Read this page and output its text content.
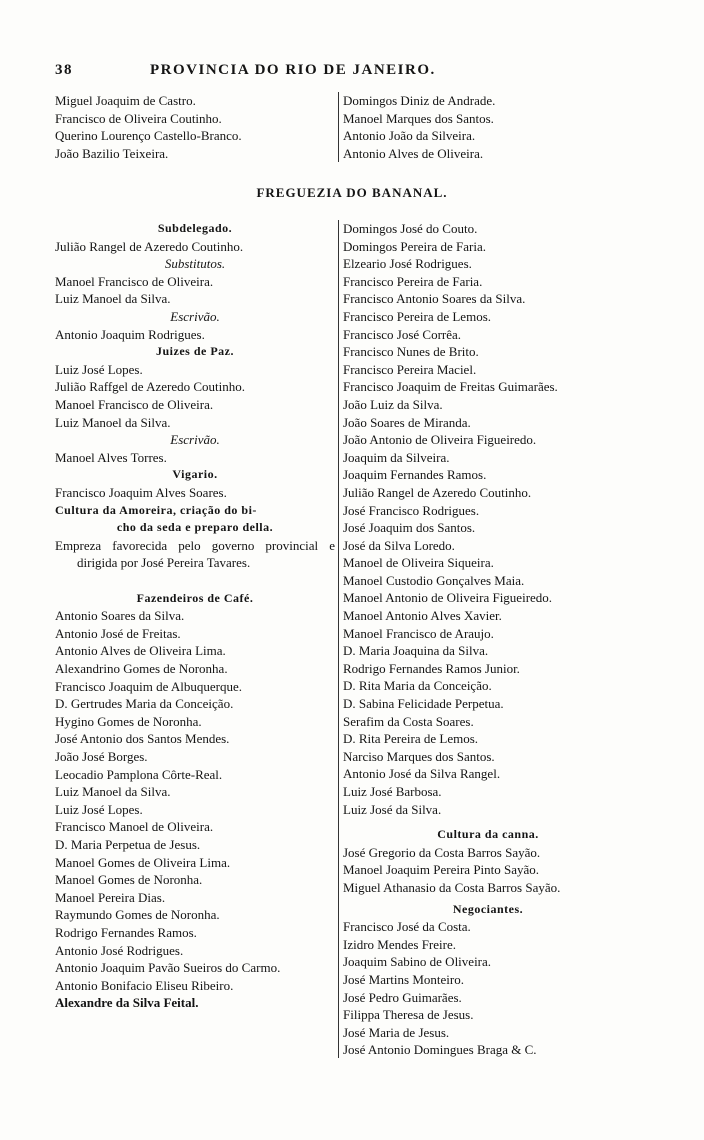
38	PROVINCIA DO RIO DE JANEIRO.
Miguel Joaquim de Castro.
Francisco de Oliveira Coutinho.
Querino Lourenço Castello-Branco.
João Bazilio Teixeira.
Domingos Diniz de Andrade.
Manoel Marques dos Santos.
Antonio João da Silveira.
Antonio Alves de Oliveira.
FREGUEZIA DO BANANAL.
Subdelegado.
Julião Rangel de Azeredo Coutinho.
Substitutos.
Manoel Francisco de Oliveira.
Luiz Manoel da Silva.
Escrivão.
Antonio Joaquim Rodrigues.
Juizes de Paz.
Luiz José Lopes.
Julião Raffgel de Azeredo Coutinho.
Manoel Francisco de Oliveira.
Luiz Manoel da Silva.
Escrivão.
Manoel Alves Torres.
Vigario.
Francisco Joaquim Alves Soares.
Cultura da Amoreira, criação do bi-
cho da seda e preparo della.
Empreza favorecida pelo governo provincial e dirigida por José Pereira Tavares.
Fazendeiros de Café.
Antonio Soares da Silva.
Antonio José de Freitas.
Antonio Alves de Oliveira Lima.
Alexandrino Gomes de Noronha.
Francisco Joaquim de Albuquerque.
D. Gertrudes Maria da Conceição.
Hygino Gomes de Noronha.
José Antonio dos Santos Mendes.
João José Borges.
Leocadio Pamplona Côrte-Real.
Luiz Manoel da Silva.
Luiz José Lopes.
Francisco Manoel de Oliveira.
D. Maria Perpetua de Jesus.
Manoel Gomes de Oliveira Lima.
Manoel Gomes de Noronha.
Manoel Pereira Dias.
Raymundo Gomes de Noronha.
Rodrigo Fernandes Ramos.
Antonio José Rodrigues.
Antonio Joaquim Pavão Sueiros do Carmo.
Antonio Bonifacio Eliseu Ribeiro.
Alexandre da Silva Feital.
Domingos José do Couto.
Domingos Pereira de Faria.
Elzeario José Rodrigues.
Francisco Pereira de Faria.
Francisco Antonio Soares da Silva.
Francisco Pereira de Lemos.
Francisco José Corrêa.
Francisco Nunes de Brito.
Francisco Pereira Maciel.
Francisco Joaquim de Freitas Guimarães.
João Luiz da Silva.
João Soares de Miranda.
João Antonio de Oliveira Figueiredo.
Joaquim da Silveira.
Joaquim Fernandes Ramos.
Julião Rangel de Azeredo Coutinho.
José Francisco Rodrigues.
José Joaquim dos Santos.
José da Silva Loredo.
Manoel de Oliveira Siqueira.
Manoel Custodio Gonçalves Maia.
Manoel Antonio de Oliveira Figueiredo.
Manoel Antonio Alves Xavier.
Manoel Francisco de Araujo.
D. Maria Joaquina da Silva.
Rodrigo Fernandes Ramos Junior.
D. Rita Maria da Conceição.
D. Sabina Felicidade Perpetua.
Serafim da Costa Soares.
D. Rita Pereira de Lemos.
Narciso Marques dos Santos.
Antonio José da Silva Rangel.
Luiz José Barbosa.
Luiz José da Silva.
Cultura da canna.
José Gregorio da Costa Barros Sayão.
Manoel Joaquim Pereira Pinto Sayão.
Miguel Athanasio da Costa Barros Sayão.
Negociantes.
Francisco José da Costa.
Izidro Mendes Freire.
Joaquim Sabino de Oliveira.
José Martins Monteiro.
José Pedro Guimarães.
Filippa Theresa de Jesus.
José Maria de Jesus.
José Antonio Domingues Braga & C.
